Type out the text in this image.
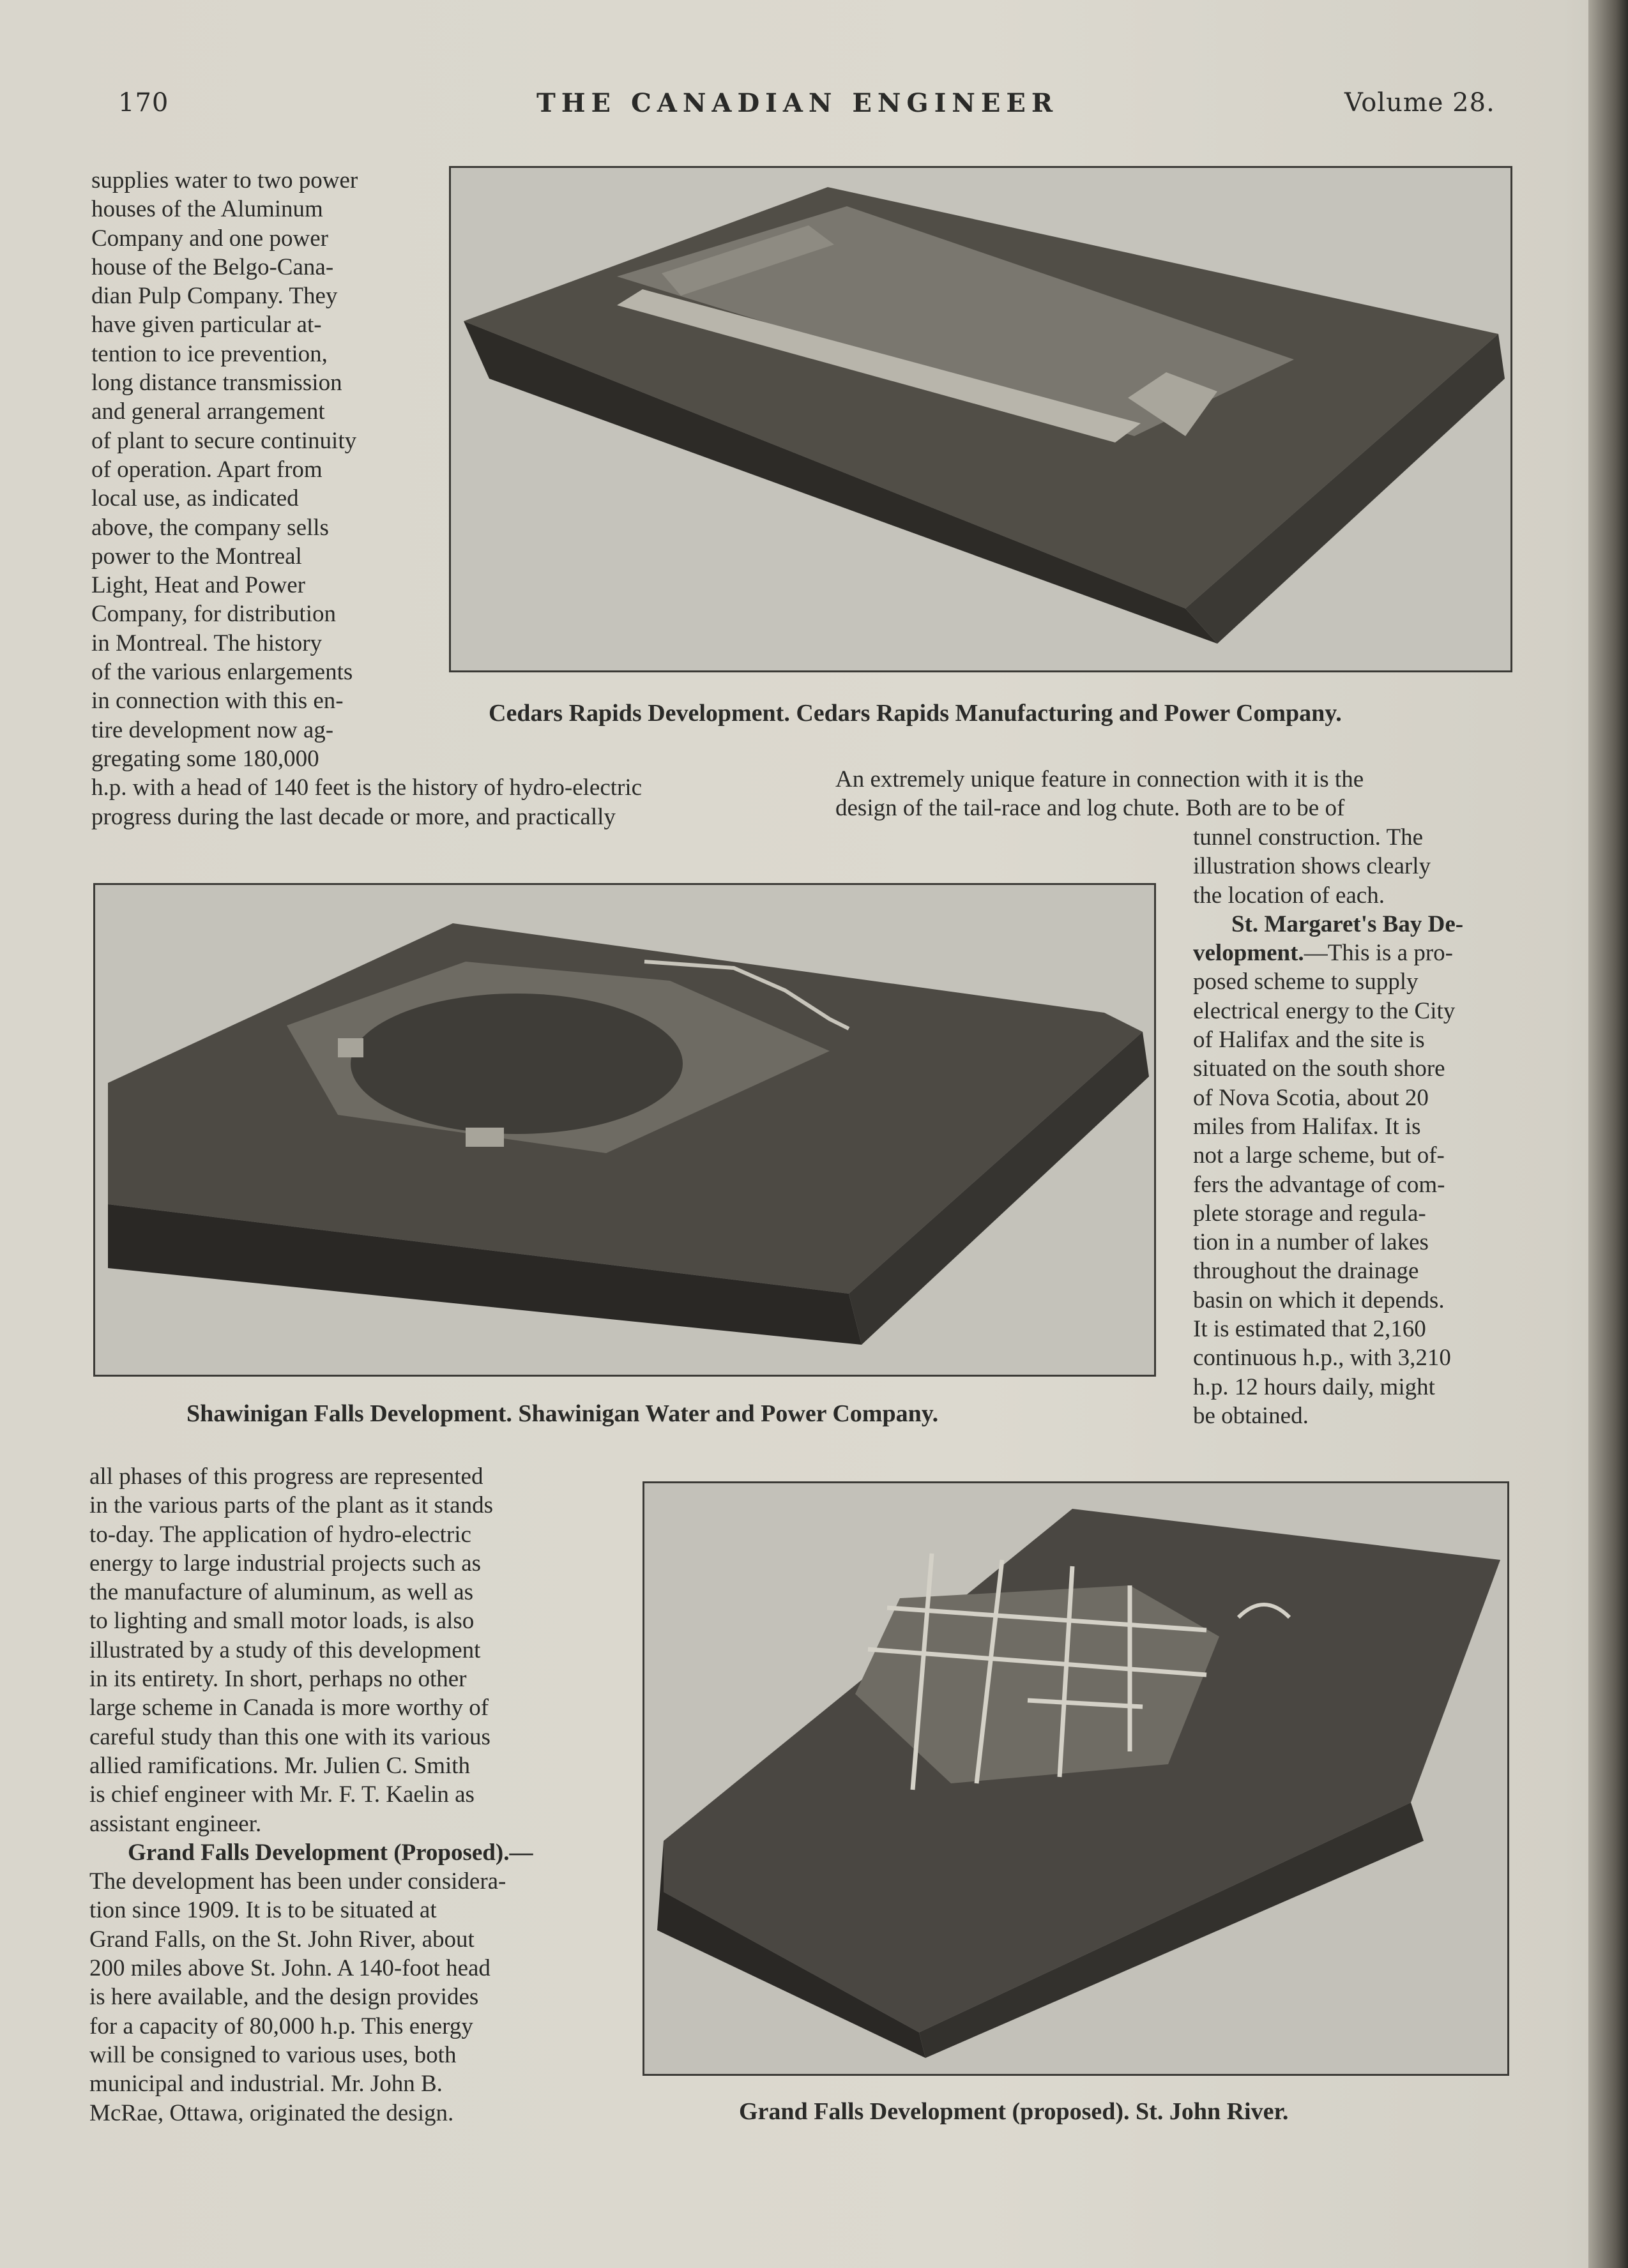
170	THE CANADIAN ENGINEER	Volume 28.
Cedars Rapids Development. Cedars Rapids Manufacturing and Power Company.
supplies water to two power
houses of the Aluminum
Company and one power
house of the Belgo-Cana-
dian Pulp Company. They
have given particular at-
tention to ice prevention,
long distance transmission
and general arrangement
of plant to secure continuity
of operation. Apart from
local use, as indicated
above, the company sells
power to the Montreal
Light, Heat and Power
Company, for distribution
in Montreal. The history
of the various enlargements
in connection with this en-
tire development now ag-
gregating some 180,000
h.p. with a head of 140 feet is the history of hydro-electric
progress during the last decade or more, and practically
An extremely unique feature in connection with it is the
design of the tail-race and log chute. Both are to be of
tunnel construction. The
illustration shows clearly
the location of each.
St. Margaret's Bay De-
velopment.—This is a pro-
posed scheme to supply
electrical energy to the City
of Halifax and the site is
situated on the south shore
of Nova Scotia, about 20
miles from Halifax. It is
not a large scheme, but of-
fers the advantage of com-
plete storage and regula-
tion in a number of lakes
throughout the drainage
basin on which it depends.
It is estimated that 2,160
continuous h.p., with 3,210
h.p. 12 hours daily, might
be obtained.
Shawinigan Falls Development. Shawinigan Water and Power Company.
all phases of this progress are represented
in the various parts of the plant as it stands
to-day. The application of hydro-electric
energy to large industrial projects such as
the manufacture of aluminum, as well as
to lighting and small motor loads, is also
illustrated by a study of this development
in its entirety. In short, perhaps no other
large scheme in Canada is more worthy of
careful study than this one with its various
allied ramifications. Mr. Julien C. Smith
is chief engineer with Mr. F. T. Kaelin as
assistant engineer.
Grand Falls Development (Proposed).—
The development has been under considera-
tion since 1909. It is to be situated at
Grand Falls, on the St. John River, about
200 miles above St. John. A 140-foot head
is here available, and the design provides
for a capacity of 80,000 h.p. This energy
will be consigned to various uses, both
municipal and industrial. Mr. John B.
McRae, Ottawa, originated the design.	Grand Falls Development (proposed). St. John River.
